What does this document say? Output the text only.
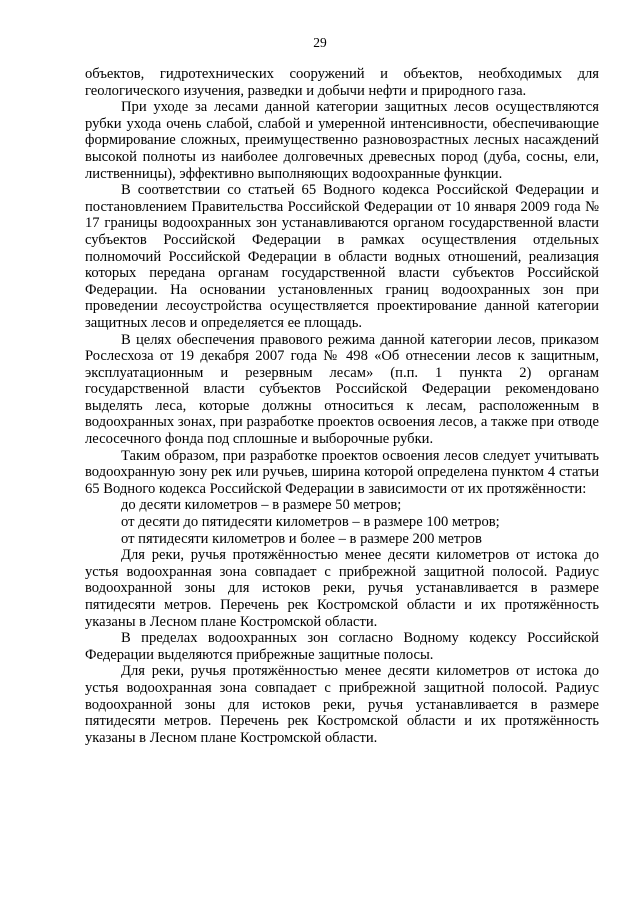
29

объектов, гидротехнических сооружений и объектов, необходимых для геологического изучения, разведки и добычи нефти и природного газа.

При уходе за лесами данной категории защитных лесов осуществляются рубки ухода очень слабой, слабой и умеренной интенсивности, обеспечивающие формирование сложных, преимущественно разновозрастных лесных насаждений высокой полноты из наиболее долговечных древесных пород (дуба, сосны, ели, лиственницы), эффективно выполняющих водоохранные функции.

В соответствии со статьей 65 Водного кодекса Российской Федерации и постановлением Правительства Российской Федерации от 10 января 2009 года № 17 границы водоохранных зон устанавливаются органом государственной власти субъектов Российской Федерации в рамках осуществления отдельных полномочий Российской Федерации в области водных отношений, реализация которых передана органам государственной власти субъектов Российской Федерации. На основании установленных границ водоохранных зон при проведении лесоустройства осуществляется проектирование данной категории защитных лесов и определяется ее площадь.

В целях обеспечения правового режима данной категории лесов, приказом Рослесхоза от 19 декабря 2007 года № 498 «Об отнесении лесов к защитным, эксплуатационным и резервным лесам» (п.п. 1 пункта 2) органам государственной власти субъектов Российской Федерации рекомендовано выделять леса, которые должны относиться к лесам, расположенным в водоохранных зонах, при разработке проектов освоения лесов, а также при отводе лесосечного фонда под сплошные и выборочные рубки.

Таким образом, при разработке проектов освоения лесов следует учитывать водоохранную зону рек или ручьев, ширина которой определена пунктом 4 статьи 65 Водного кодекса Российской Федерации в зависимости от их протяжённости:

до десяти километров – в размере 50 метров;

от десяти до пятидесяти километров – в размере 100 метров;

от пятидесяти километров и более – в размере 200 метров

Для реки, ручья протяжённостью менее десяти километров от истока до устья водоохранная зона совпадает с прибрежной защитной полосой. Радиус водоохранной зоны для истоков реки, ручья устанавливается в размере пятидесяти метров. Перечень рек Костромской области и их протяжённость указаны в Лесном плане Костромской области.

В пределах водоохранных зон согласно Водному кодексу Российской Федерации выделяются прибрежные защитные полосы.

Для реки, ручья протяжённостью менее десяти километров от истока до устья водоохранная зона совпадает с прибрежной защитной полосой. Радиус водоохранной зоны для истоков реки, ручья устанавливается в размере пятидесяти метров. Перечень рек Костромской области и их протяжённость указаны в Лесном плане Костромской области.
